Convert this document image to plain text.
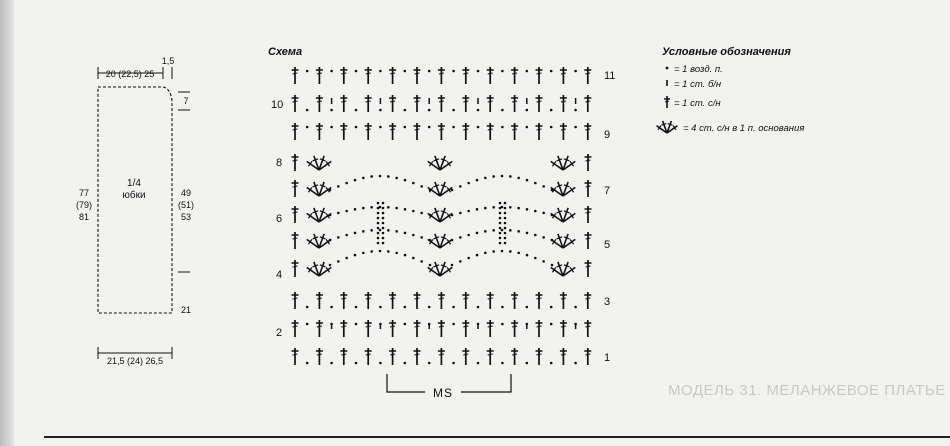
МОДЕЛЬ 31. МЕЛАНЖЕВОЕ ПЛАТЬЕ
20 (22,5) 25
1,5
7
21
1/4
юбки
77
(79)
81
49
(51)
53
21,5 (24) 26,5
Схема
11
9
7
5
3
1
10
8
6
4
2
MS
Условные обозначения
= 1 возд. п.
= 1 ст. б/н
= 1 ст. с/н
= 4 ст. с/н в 1 п. основания
